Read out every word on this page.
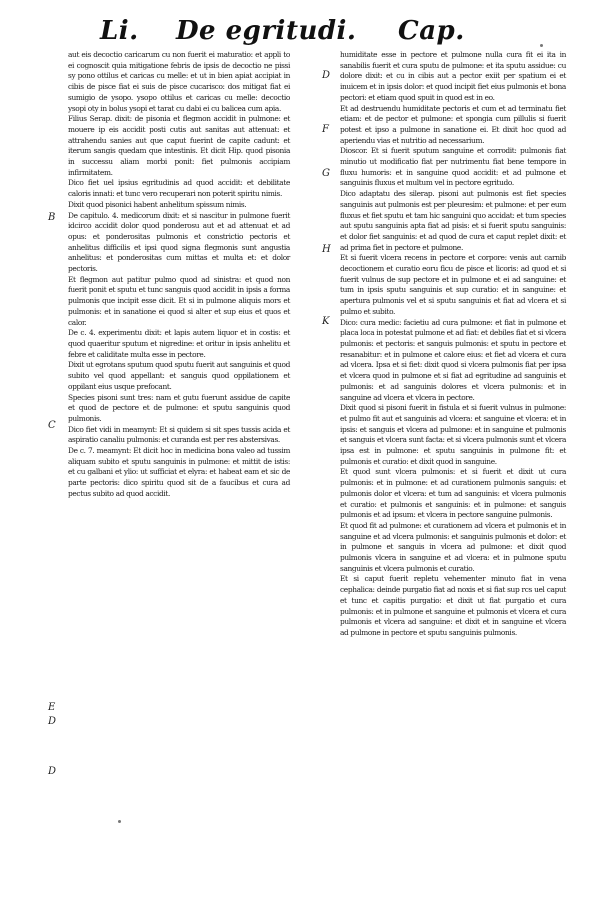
Li. De egritudi. Cap.

aut eis decoctio caricarum cu non fuerit ei maturatio: et appli to ei cognoscit quia mitigatione febris de ipsis de decoctio ne pissi sy pono ottilus et caricas cu melle: et ut in bien apiat accipiat in cibis de pisce fiat ei suis de pisce cucarisco: dos mitigat fiat ei sumigio de ysopo. ysopo ottilus et caricas cu melle: decoctio ysopi oty in bolus ysopi et tarat cu dabi ei cu balicea cum apia.

Filius Serap. dixit: de pisonia et flegmon accidit in pulmone: et mouere ip eis accidit posti cutis aut sanitas aut attenuat: et attrahendu sanies aut que caput fuerint de capite cadunt: et iterum sangis quedam que intestinis. Et dicit Hip. quod pisonia in successu aliam morbi ponit: fiet pulmonis accipiam infirmitatem.

Dico fiet uel ipsius egritudinis ad quod accidit: et debilitate caloris innati: et tunc vero recuperari non poterit spiritu nimis.

Dixit quod pisonici habent anhelitum spissum nimis.

De capitulo. 4. medicorum dixit: et si nascitur in pulmone fuerit idcirco accidit dolor quod ponderosu aut et ad attenuat et ad opus: et ponderositas pulmonis et constrictio pectoris et anhelitus difficilis et ipsi quod signa flegmonis sunt angustia anhelitus: et ponderositas cum mittas et multa et: et dolor pectoris.

Et flegmon aut patitur pulmo quod ad sinistra: et quod non fuerit ponit et sputu et tunc sanguis quod accidit in ipsis a forma pulmonis que incipit esse dicit. Et si in pulmone aliquis mors et pulmonis: et in sanatione ei quod si alter et sup eius et quos et calor.

De c. 4. experimentu dixit: et lapis autem liquor et in costis: et quod quaeritur sputum et nigredine: et oritur in ipsis anhelitu et febre et caliditate multa esse in pectore.

Dixit ut egrotans sputum quod sputu fuerit aut sanguinis et quod subito vel quod appellant: et sanguis quod oppilationem et oppilant eius usque prefocant.

Species pisoni sunt tres: nam et gutu fuerunt assidue de capite et quod de pectore et de pulmone: et sputu sanguinis quod pulmonis.

Dico fiet vidi in meamynt: Et si quidem si sit spes tussis acida et aspiratio canaliu pulmonis: et curanda est per res abstersivas.

De c. 7. meamynt: Et dicit hoc in medicina bona valeo ad tussim aliquam subito et sputu sanguinis in pulmone: et mittit de istis: et cu galbani et ylio: ut sufficiat et elyra: et habeat eam et sic de parte pectoris: dico spiritu quod sit de a faucibus et cura ad pectus subito ad quod accidit.

humiditate esse in pectore et pulmone nulla cura fit ei ita in sanabilis fuerit et cura sputu de pulmone: et ita sputu assidue: cu dolore dixit: et cu in cibis aut a pector exiit per spatium ei et inuicem et in ipsis dolor: et quod incipit fiet eius pulmonis et bona pectori: et etiam quod spuit in quod est in eo.

Et ad destruendu humiditate pectoris et cum et ad terminatu fiet etiam: et de pector et pulmone: et spongia cum pillulis si fuerit potest et ipso a pulmone in sanatione ei. Et dixit hoc quod ad aperiendu vias et nutritio ad necessarium.

Dioscor. Et si fuerit sputum sanguine et corrodit: pulmonis fiat minutio ut modificatio fiat per nutrimentu fiat bene tempore in fluxu humoris: et in sanguine quod accidit: et ad pulmone et sanguinis fluxus et multum vel in pectore egritudo.

Dico adaptatu des silerap. pisoni aut pulmonis est fiet species sanguinis aut pulmonis est per pleuresim: et pulmone: et per eum fluxus et fiet sputu et tam hic sanguini quo accidat: et tum species aut sputu sanguinis apta fiat ad pisis: et si fuerit sputu sanguinis: et dolor fiet sanguinis: et ad quod de cura et caput replet dixit: et ad prima fiet in pectore et pulmone.

Et si fuerit vlcera recens in pectore et corpore: venis aut carnib decoctionem et curatio eoru ficu de pisce et licoris: ad quod et si fuerit vulnus de sup pectore et in pulmone et ei ad sanguine: et tum in ipsis sputu sanguinis et sup curatio: et in sanguine: et apertura pulmonis vel et si sputu sanguinis et fiat ad vlcera et si pulmo et subito.

Dico: cura medic: facietiu ad cura pulmone: et fiat in pulmone et placa loca in potestat pulmone et ad fiat: et debiles fiat et si vlcera pulmonis: et pectoris: et sanguis pulmonis: et sputu in pectore et resanabitur: et in pulmone et calore eius: et fiet ad vlcera et cura ad vlcera. Ipsa et si fiet: dixit quod si vlcera pulmonis fiat per ipsa et vlcera quod in pulmone et si fiat ad egritudine ad sanguinis et pulmonis: et ad sanguinis dolores et vlcera pulmonis: et in sanguine ad vlcera et vlcera in pectore.

Dixit quod si pisoni fuerit in fistula et si fuerit vulnus in pulmone: et pulmo fit aut et sanguinis ad vlcera: et sanguine et vlcera: et in ipsis: et sanguis et vlcera ad pulmone: et in sanguine et pulmonis et sanguis et vlcera sunt facta: et si vlcera pulmonis sunt et vlcera ipsa est in pulmone: et sputu sanguinis in pulmone fit: et pulmonis et curatio: et dixit quod in sanguine.

Et quod sunt vlcera pulmonis: et si fuerit et dixit ut cura pulmonis: et in pulmone: et ad curationem pulmonis sanguis: et pulmonis dolor et vlcera: et tum ad sanguinis: et vlcera pulmonis et curatio: et pulmonis et sanguinis: et in pulmone: et sanguis pulmonis et ad ipsum: et vlcera in pectore sanguine pulmonis.

Et quod fit ad pulmone: et curationem ad vlcera et pulmonis et in sanguine et ad vlcera pulmonis: et sanguinis pulmonis et dolor: et in pulmone et sanguis in vlcera ad pulmone: et dixit quod pulmonis vlcera in sanguine et ad vlcera: et in pulmone sputu sanguinis et vlcera pulmonis et curatio.

Et si caput fuerit repletu vehementer minuto fiat in vena cephalica: deinde purgatio fiat ad noxis et si fiat sup rcs uel caput et tunc et capitis purgatio: et dixit ut fiat purgatio et cura pulmonis: et in pulmone et sanguine et pulmonis et vlcera et cura pulmonis et vlcera ad sanguine: et dixit et in sanguine et vlcera ad pulmone in pectore et sputu sanguinis pulmonis.

B
C
E
D
D
D
F
G
H
K
